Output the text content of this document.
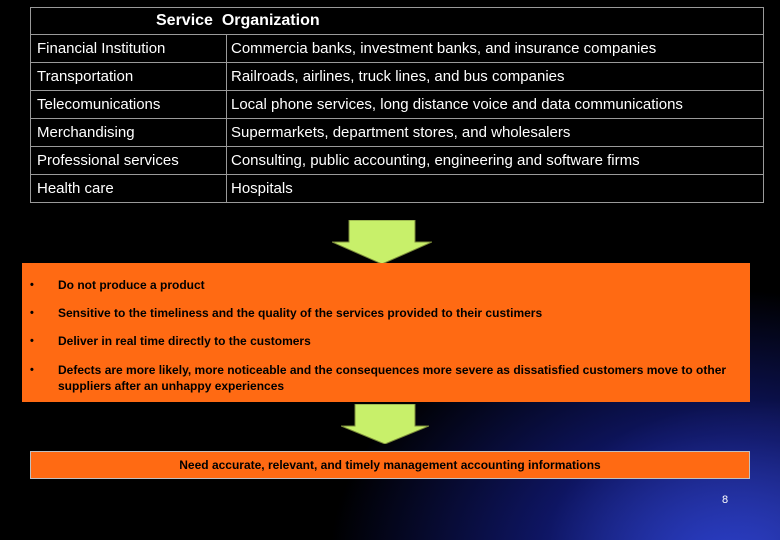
Service Organization
Financial Institution	Commercia banks, investment banks, and insurance companies
Transportation	Railroads, airlines, truck lines, and bus companies
Telecomunications	Local phone services, long distance voice and data communications
Merchandising	Supermarkets, department stores, and wholesalers
Professional services	Consulting, public accounting, engineering and software firms
Health care	Hospitals
• Do not produce a product
• Sensitive to the timeliness and the quality of the services provided to their custimers
• Deliver in real time directly to the customers
• Defects are more likely, more noticeable and the consequences more severe as dissatisfied customers move to other suppliers after an unhappy experiences
Need accurate, relevant, and timely management accounting informations
8
